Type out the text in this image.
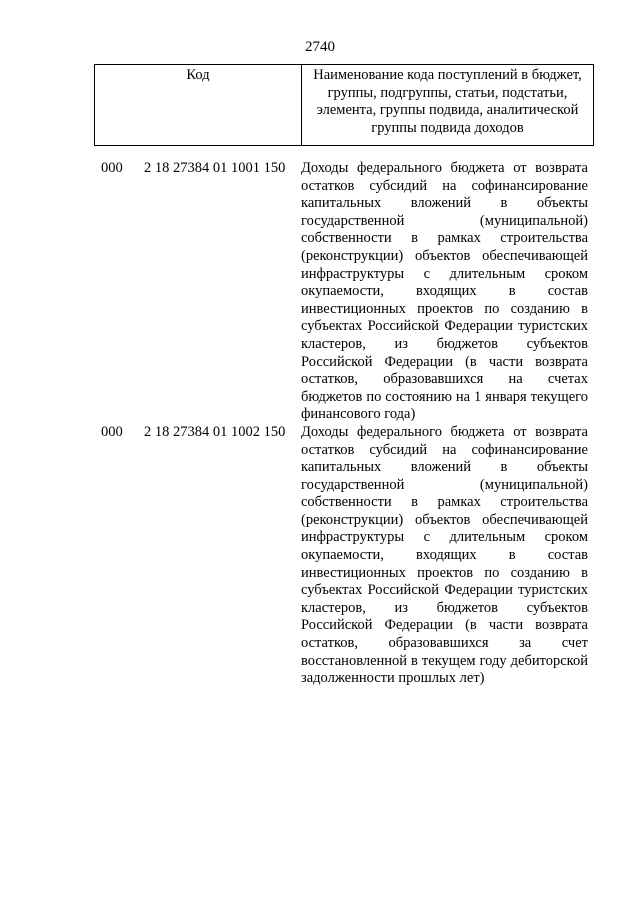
2740
Код	Наименование кода поступлений в бюджет, группы, подгруппы, статьи, подстатьи, элемента, группы подвида, аналитической группы подвида доходов
000 2 18 27384 01 1001 150 Доходы федерального бюджета от возврата остатков субсидий на софинансирование капитальных вложений в объекты государственной (муниципальной) собственности в рамках строительства (реконструкции) объектов обеспечивающей инфраструктуры с длительным сроком окупаемости, входящих в состав инвестиционных проектов по созданию в субъектах Российской Федерации туристских кластеров, из бюджетов субъектов Российской Федерации (в части возврата остатков, образовавшихся на счетах бюджетов по состоянию на 1 января текущего финансового года)
000 2 18 27384 01 1002 150 Доходы федерального бюджета от возврата остатков субсидий на софинансирование капитальных вложений в объекты государственной (муниципальной) собственности в рамках строительства (реконструкции) объектов обеспечивающей инфраструктуры с длительным сроком окупаемости, входящих в состав инвестиционных проектов по созданию в субъектах Российской Федерации туристских кластеров, из бюджетов субъектов Российской Федерации (в части возврата остатков, образовавшихся за счет восстановленной в текущем году дебиторской задолженности прошлых лет)
